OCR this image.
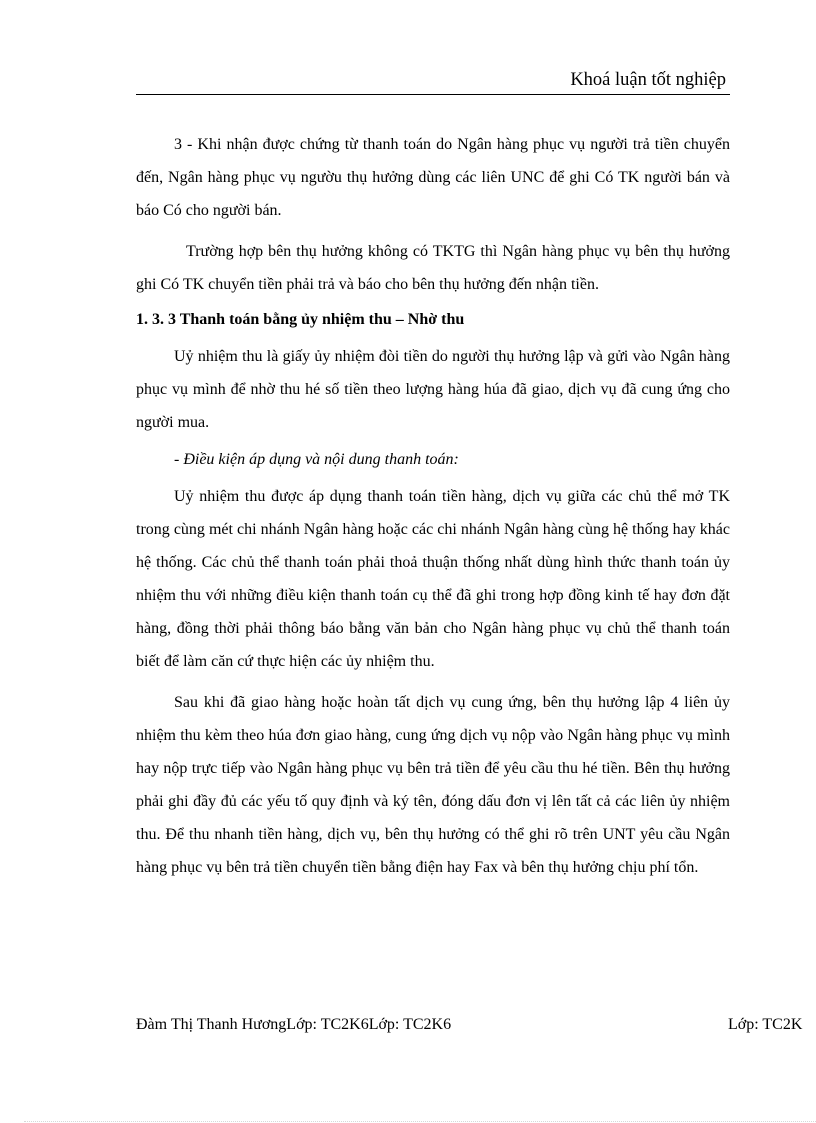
Khoá luận tốt nghiệp

3 - Khi nhận được chứng từ thanh toán do Ngân hàng phục vụ người trả tiền chuyển đến, Ngân hàng phục vụ ngườu thụ hưởng dùng các liên UNC để ghi Có TK người bán và báo Có cho người bán.

Trường hợp bên thụ hưởng không có TKTG thì Ngân hàng phục vụ bên thụ hưởng ghi Có TK chuyển tiền phải trả và báo cho bên thụ hưởng đến nhận tiền.

1. 3. 3 Thanh toán bằng ủy nhiệm thu – Nhờ thu

Uỷ nhiệm thu là giấy ủy nhiệm đòi tiền do người thụ hưởng lập và gửi vào Ngân hàng phục vụ mình để nhờ thu hé số tiền theo lượng hàng húa đã giao, dịch vụ đã cung ứng cho người mua.

- Điều kiện áp dụng và nội dung thanh toán:

Uỷ nhiệm thu được áp dụng thanh toán tiền hàng, dịch vụ giữa các chủ thể mở TK trong cùng mét chi nhánh Ngân hàng hoặc các chi nhánh Ngân hàng cùng hệ thống hay khác hệ thống. Các chủ thể thanh toán phải thoả thuận thống nhất dùng hình thức thanh toán ủy nhiệm thu với những điều kiện thanh toán cụ thể đã ghi trong hợp đồng kinh tế hay đơn đặt hàng, đồng thời phải thông báo bằng văn bản cho Ngân hàng phục vụ chủ thể thanh toán biết để làm căn cứ thực hiện các ủy nhiệm thu.

Sau khi đã giao hàng hoặc hoàn tất dịch vụ cung ứng, bên thụ hưởng lập 4 liên ủy nhiệm thu kèm theo húa đơn giao hàng, cung ứng dịch vụ nộp vào Ngân hàng phục vụ mình hay nộp trực tiếp vào Ngân hàng phục vụ bên trả tiền để yêu cầu thu hé tiền. Bên thụ hưởng phải ghi đầy đủ các yếu tố quy định và ký tên, đóng dấu đơn vị lên tất cả các liên ủy nhiệm thu. Để thu nhanh tiền hàng, dịch vụ, bên thụ hưởng có thể ghi rõ trên UNT yêu cầu Ngân hàng phục vụ bên trả tiền chuyển tiền bằng điện hay Fax và bên thụ hưởng chịu phí tổn.

Đàm Thị Thanh HươngLớp: TC2K6Lớp: TC2K6	Lớp: TC2K
